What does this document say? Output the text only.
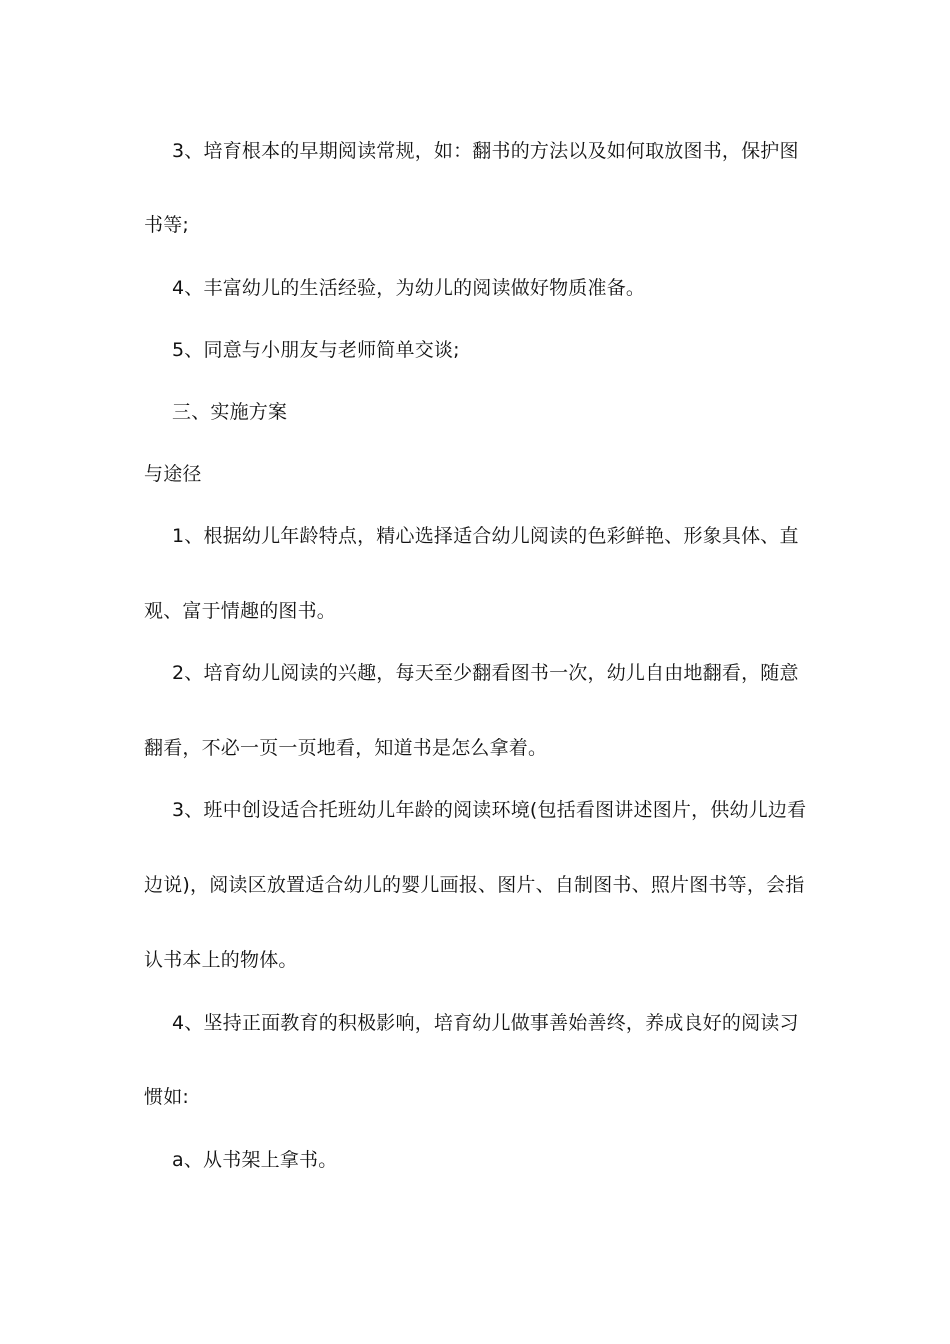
3、培育根本的早期阅读常规，如：翻书的方法以及如何取放图书，保护图
书等;
4、丰富幼儿的生活经验，为幼儿的阅读做好物质准备。
5、同意与小朋友与老师简单交谈;
三、实施方案
与途径
1、根据幼儿年龄特点，精心选择适合幼儿阅读的色彩鲜艳、形象具体、直
观、富于情趣的图书。
2、培育幼儿阅读的兴趣，每天至少翻看图书一次，幼儿自由地翻看，随意
翻看，不必一页一页地看，知道书是怎么拿着。
3、班中创设适合托班幼儿年龄的阅读环境(包括看图讲述图片，供幼儿边看
边说)，阅读区放置适合幼儿的婴儿画报、图片、自制图书、照片图书等，会指
认书本上的物体。
4、坚持正面教育的积极影响，培育幼儿做事善始善终，养成良好的阅读习
惯如:
a、从书架上拿书。
